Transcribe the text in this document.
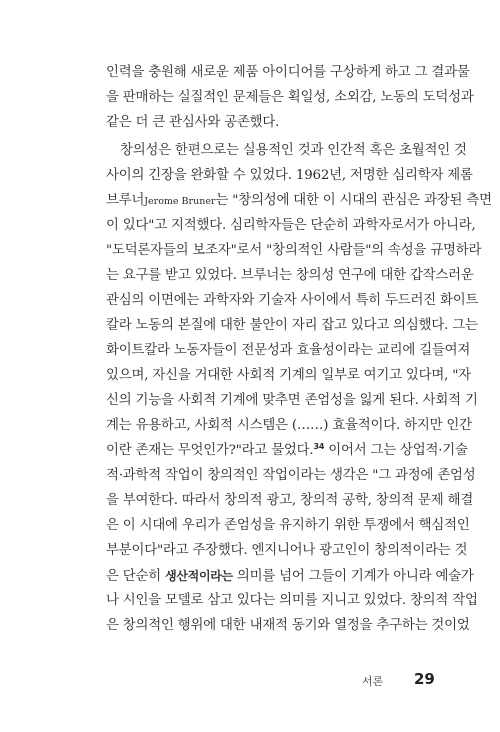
인력을 충원해 새로운 제품 아이디어를 구상하게 하고 그 결과물
을 판매하는 실질적인 문제들은 획일성, 소외감, 노동의 도덕성과
같은 더 큰 관심사와 공존했다.
창의성은 한편으로는 실용적인 것과 인간적 혹은 초월적인 것
사이의 긴장을 완화할 수 있었다. 1962년, 저명한 심리학자 제롬
브루너Jerome Bruner는 "창의성에 대한 이 시대의 관심은 과장된 측면
이 있다"고 지적했다. 심리학자들은 단순히 과학자로서가 아니라,
"도덕론자들의 보조자"로서 "창의적인 사람들"의 속성을 규명하라
는 요구를 받고 있었다. 브루너는 창의성 연구에 대한 갑작스러운
관심의 이면에는 과학자와 기술자 사이에서 특히 두드러진 화이트
칼라 노동의 본질에 대한 불안이 자리 잡고 있다고 의심했다. 그는
화이트칼라 노동자들이 전문성과 효율성이라는 교리에 길들여져
있으며, 자신을 거대한 사회적 기계의 일부로 여기고 있다며, "자
신의 기능을 사회적 기계에 맞추면 존엄성을 잃게 된다. 사회적 기
계는 유용하고, 사회적 시스템은 (……) 효율적이다. 하지만 인간
이란 존재는 무엇인가?"라고 물었다.$^{34}$ 이어서 그는 상업적·기술
적·과학적 작업이 창의적인 작업이라는 생각은 "그 과정에 존엄성
을 부여한다. 따라서 창의적 광고, 창의적 공학, 창의적 문제 해결
은 이 시대에 우리가 존엄성을 유지하기 위한 투쟁에서 핵심적인
부분이다"라고 주장했다. 엔지니어나 광고인이 창의적이라는 것
은 단순히 생산적이라는 의미를 넘어 그들이 기계가 아니라 예술가
나 시인을 모델로 삼고 있다는 의미를 지니고 있었다. 창의적 작업
은 창의적인 행위에 대한 내재적 동기와 열정을 추구하는 것이었
서론 29
